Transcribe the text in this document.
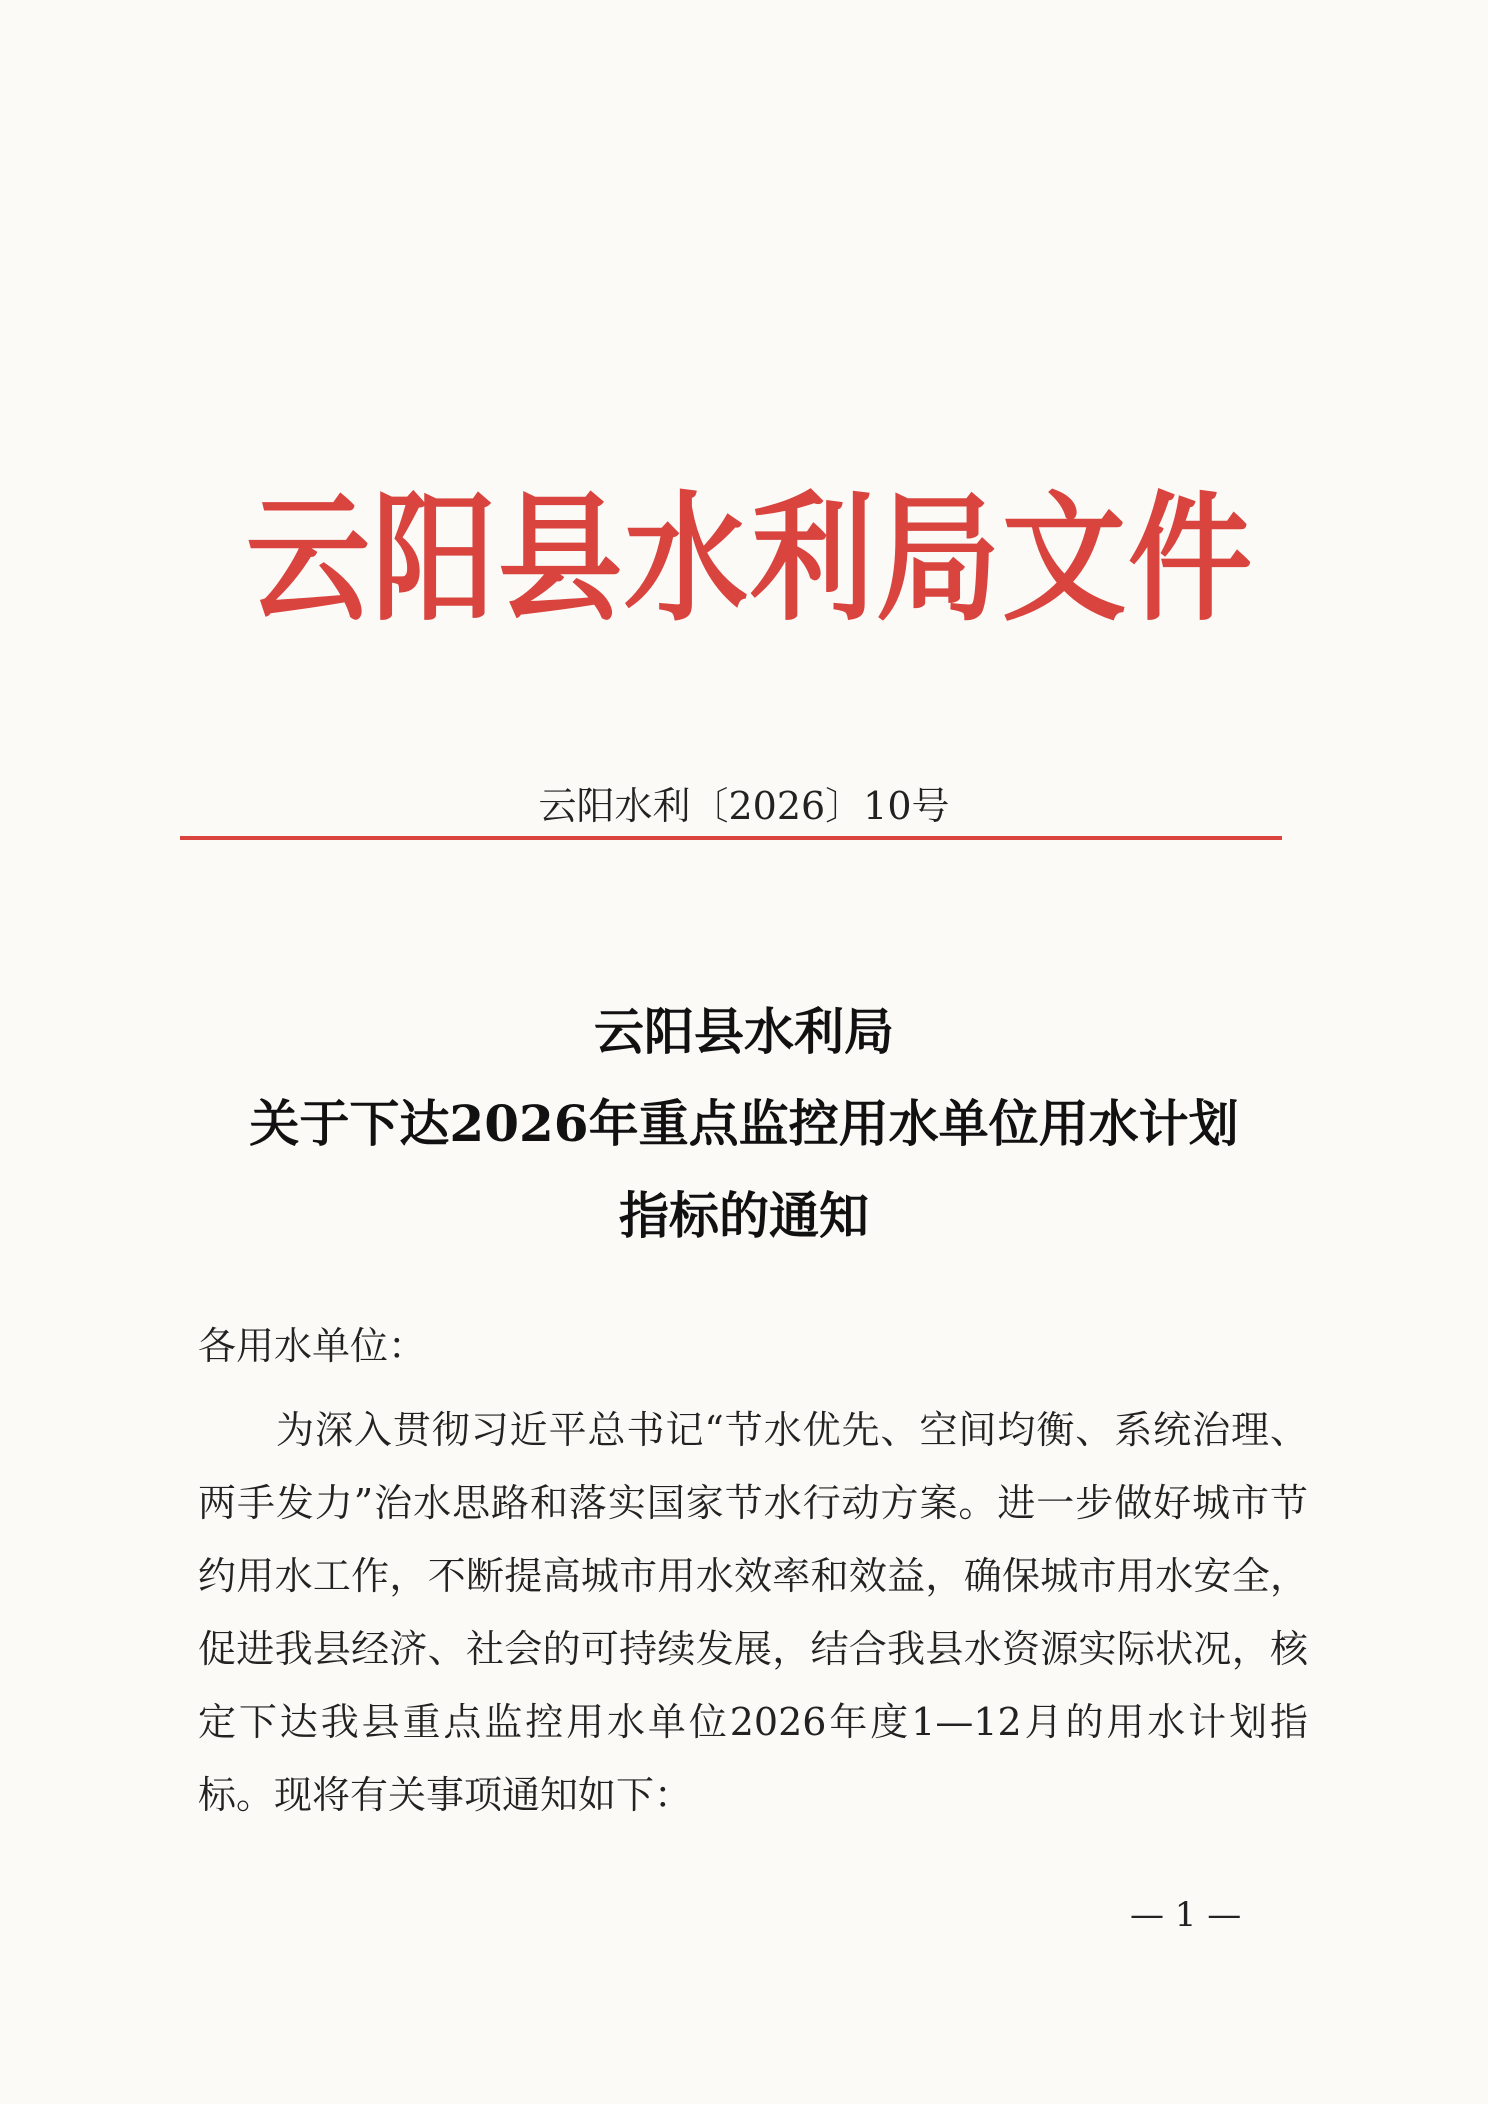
云阳县水利局文件
云阳水利〔2026〕10号
云阳县水利局
关于下达2026年重点监控用水单位用水计划
指标的通知
各用水单位：
为深入贯彻习近平总书记“节水优先、空间均衡、系统治理、两手发力”治水思路和落实国家节水行动方案。进一步做好城市节约用水工作，不断提高城市用水效率和效益，确保城市用水安全，促进我县经济、社会的可持续发展，结合我县水资源实际状况，核定下达我县重点监控用水单位2026年度1—12月的用水计划指标。现将有关事项通知如下：
— 1 —
